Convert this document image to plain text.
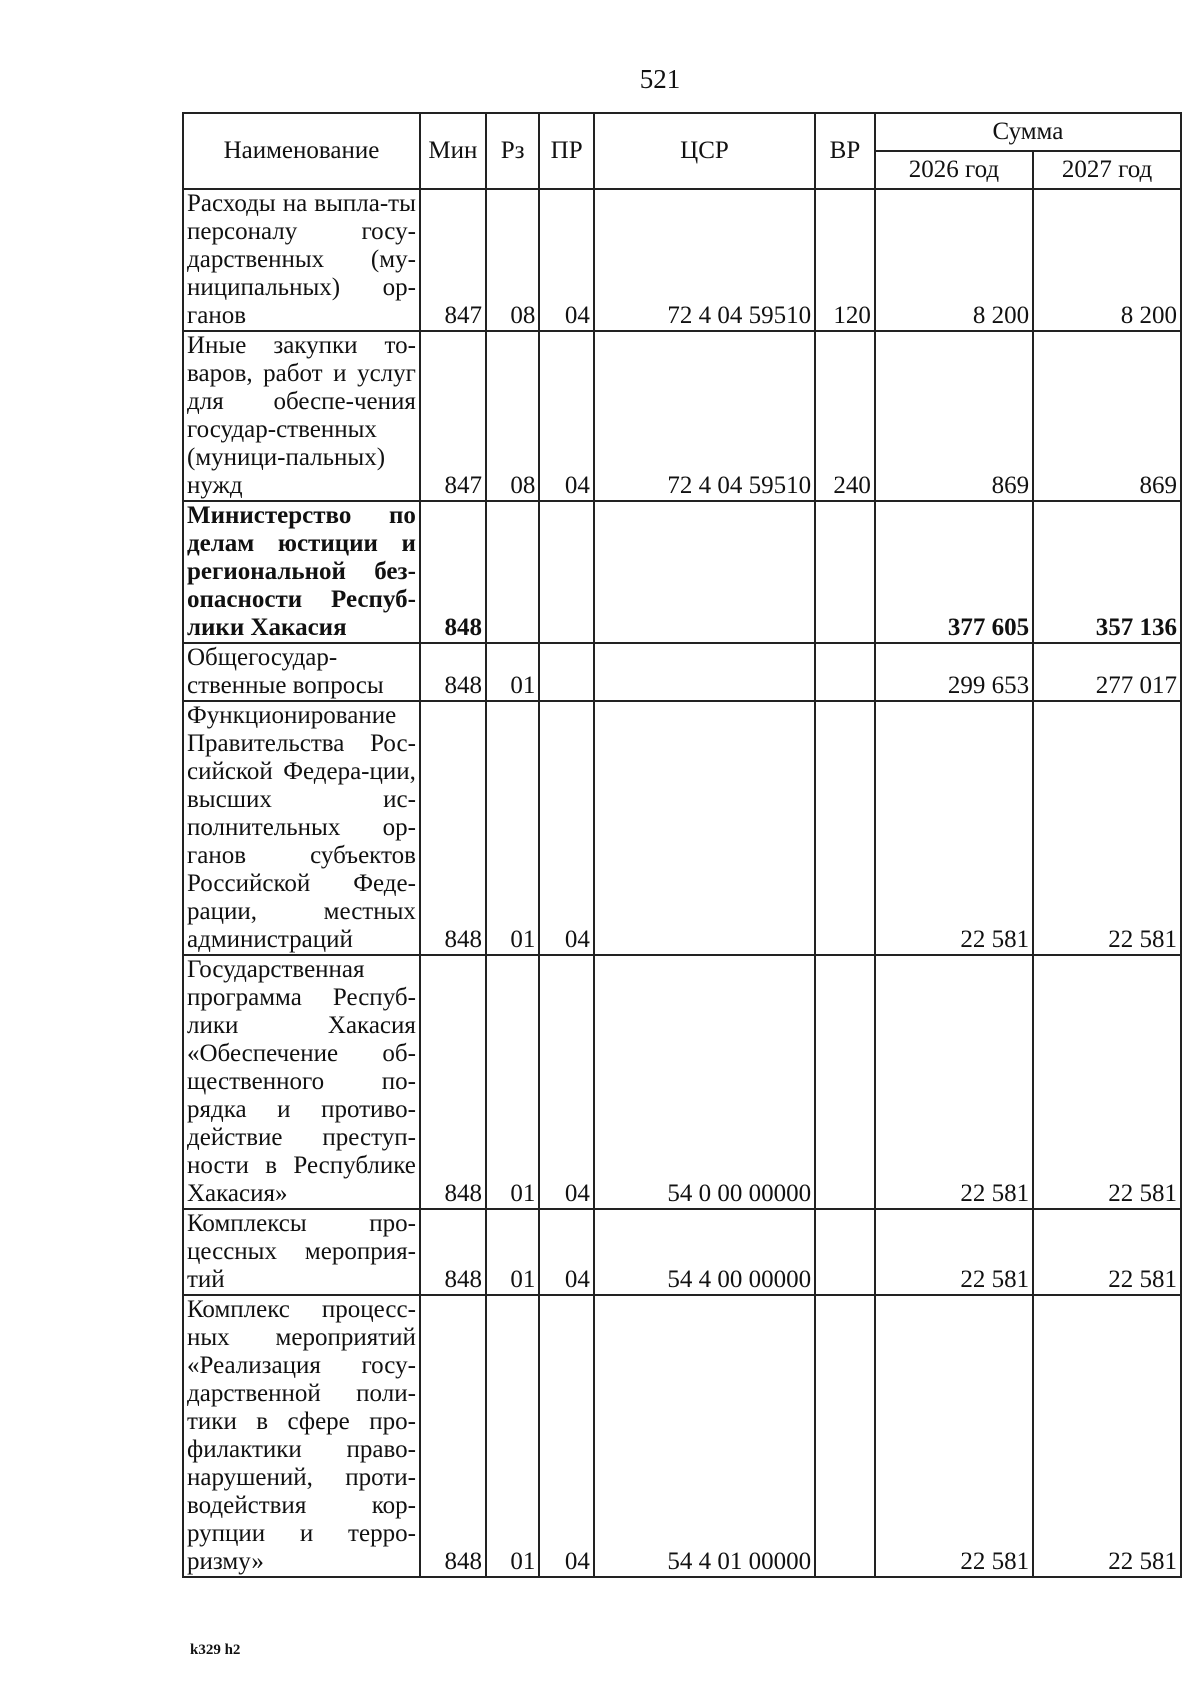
521
Наименование	Мин	Рз	ПР	ЦСР	ВР	Сумма	
						2026 год	2027 год
Расходы на выпла-ты персоналу госу-дарственных (му-ниципальных) ор-ганов	847	08	04	72 4 04 59510	120	8 200	8 200
Иные закупки то-варов, работ и услуг для обеспе-чения государ-ственных (муници-пальных) нужд	847	08	04	72 4 04 59510	240	869	869
Министерство по делам юстиции и региональной без-опасности Респуб-лики Хакасия	848					377 605	357 136
Общегосудар-ственные вопросы	848	01				299 653	277 017
Функционирование Правительства Рос-сийской Федера-ции, высших ис-полнительных ор-ганов субъектов Российской Феде-рации, местных администраций	848	01	04			22 581	22 581
Государственная программа Респуб-лики Хакасия «Обеспечение об-щественного по-рядка и противо-действие преступ-ности в Республике Хакасия»	848	01	04	54 0 00 00000		22 581	22 581
Комплексы про-цессных мероприя-тий	848	01	04	54 4 00 00000		22 581	22 581
Комплекс процесс-ных мероприятий «Реализация госу-дарственной поли-тики в сфере про-филактики право-нарушений, проти-водействия кор-рупции и терро-ризму»	848	01	04	54 4 01 00000		22 581	22 581
k329 h2
